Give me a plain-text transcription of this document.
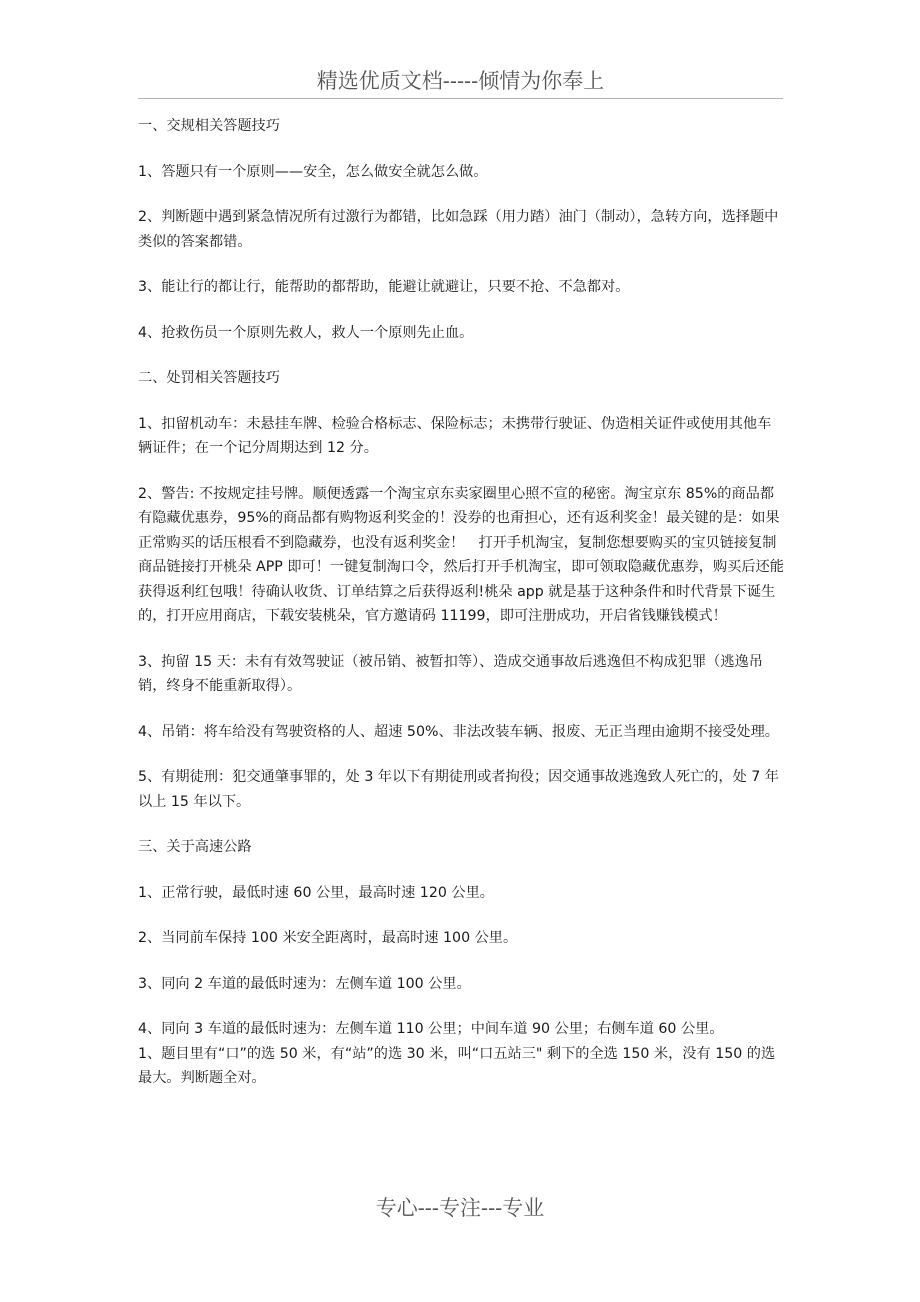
精选优质文档-----倾情为你奉上

一、交规相关答题技巧

1、答题只有一个原则——安全，怎么做安全就怎么做。

2、判断题中遇到紧急情况所有过激行为都错，比如急踩（用力踏）油门（制动），急转方向，选择题中类似的答案都错。

3、能让行的都让行，能帮助的都帮助，能避让就避让，只要不抢、不急都对。

4、抢救伤员一个原则先救人，救人一个原则先止血。

二、处罚相关答题技巧

1、扣留机动车：未悬挂车牌、检验合格标志、保险标志；未携带行驶证、伪造相关证件或使用其他车辆证件；在一个记分周期达到 12 分。

2、警告: 不按规定挂号牌。顺便透露一个淘宝京东卖家圈里心照不宣的秘密。淘宝京东 85%的商品都有隐藏优惠券，95%的商品都有购物返利奖金的！没券的也甭担心，还有返利奖金！最关键的是：如果正常购买的话压根看不到隐藏券，也没有返利奖金！　打开手机淘宝，复制您想要购买的宝贝链接复制商品链接打开桃朵 APP 即可！一键复制淘口令，然后打开手机淘宝，即可领取隐藏优惠券，购买后还能获得返利红包哦！待确认收货、订单结算之后获得返利!桃朵 app 就是基于这种条件和时代背景下诞生的，打开应用商店，下载安装桃朵，官方邀请码 11199，即可注册成功，开启省钱赚钱模式！

3、拘留 15 天：未有有效驾驶证（被吊销、被暂扣等）、造成交通事故后逃逸但不构成犯罪（逃逸吊销，终身不能重新取得）。

4、吊销：将车给没有驾驶资格的人、超速 50%、非法改装车辆、报废、无正当理由逾期不接受处理。

5、有期徒刑：犯交通肇事罪的，处 3 年以下有期徒刑或者拘役；因交通事故逃逸致人死亡的，处 7 年以上 15 年以下。

三、关于高速公路

1、正常行驶，最低时速 60 公里，最高时速 120 公里。

2、当同前车保持 100 米安全距离时，最高时速 100 公里。

3、同向 2 车道的最低时速为：左侧车道 100 公里。

4、同向 3 车道的最低时速为：左侧车道 110 公里；中间车道 90 公里；右侧车道 60 公里。

1、题目里有“口”的选 50 米，有“站”的选 30 米，叫“口五站三" 剩下的全选 150 米，没有 150 的选最大。判断题全对。

专心---专注---专业
